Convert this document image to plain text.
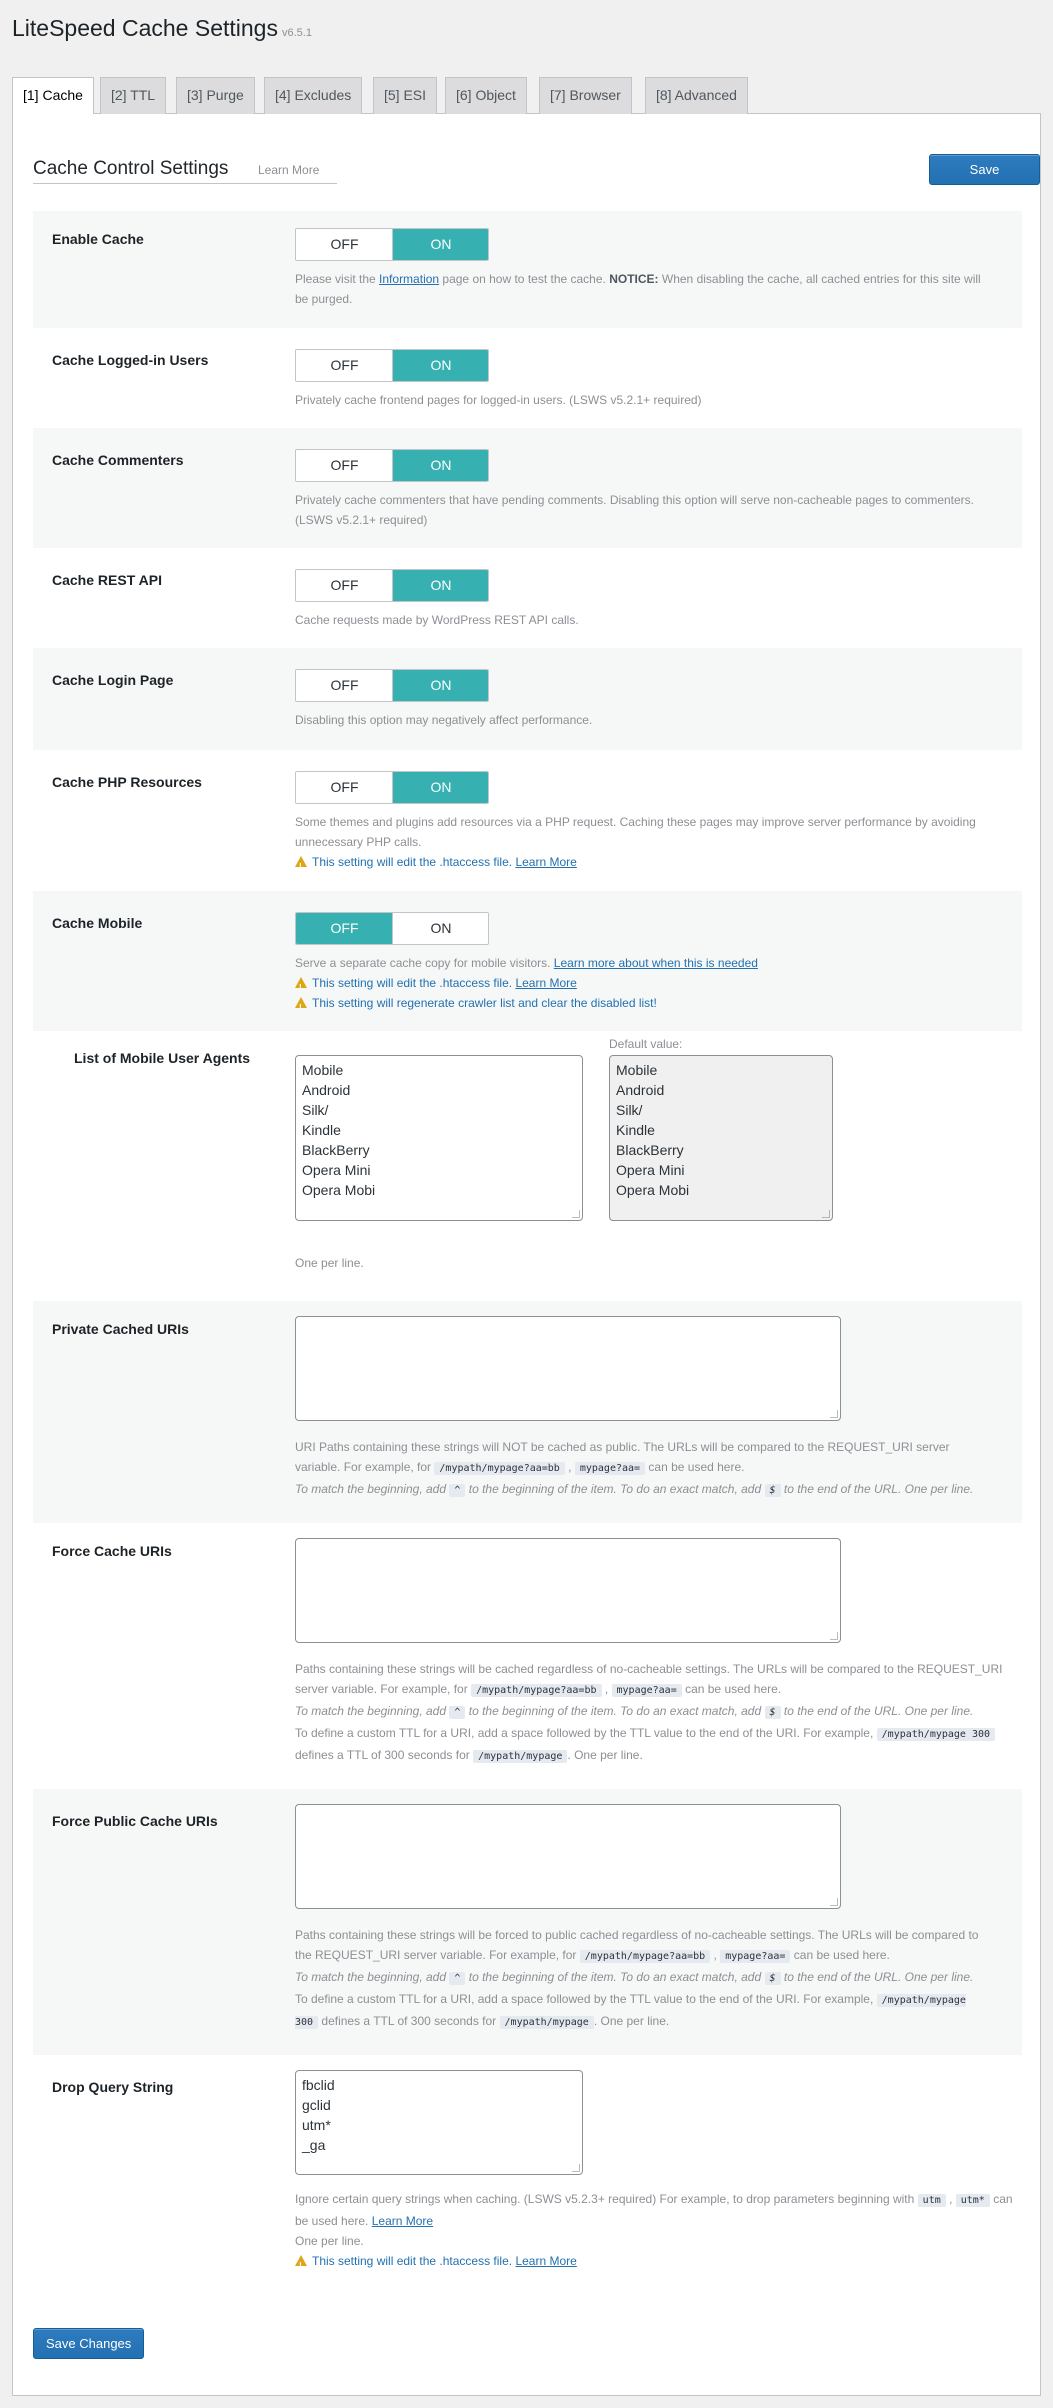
LiteSpeed Cache Settings v6.5.1
[1] Cache	[2] TTL	[3] Purge	[4] Excludes	[5] ESI	[6] Object	[7] Browser	[8] Advanced
Cache Control Settings Learn More	Save Changes
Enable Cache	OFF	ON
Please visit the Information page on how to test the cache. NOTICE: When disabling the cache, all cached entries for this site will be purged.
Cache Logged-in Users	OFF	ON
Privately cache frontend pages for logged-in users. (LSWS v5.2.1+ required)
Cache Commenters	OFF	ON
Privately cache commenters that have pending comments. Disabling this option will serve non-cacheable pages to commenters. (LSWS v5.2.1+ required)
Cache REST API	OFF	ON
Cache requests made by WordPress REST API calls.
Cache Login Page	OFF	ON
Disabling this option may negatively affect performance.
Cache PHP Resources	OFF	ON
Some themes and plugins add resources via a PHP request. Caching these pages may improve server performance by avoiding unnecessary PHP calls.
!This setting will edit the .htaccess file. Learn More
Cache Mobile	OFF	ON
Serve a separate cache copy for mobile visitors. Learn more about when this is needed
!This setting will edit the .htaccess file. Learn More
!This setting will regenerate crawler list and clear the disabled list!
List of Mobile User Agents
Mobile
Android
Silk/
Kindle
BlackBerry
Opera Mini
Opera Mobi
Default value:
Mobile
Android
Silk/
Kindle
BlackBerry
Opera Mini
Opera Mobi
One per line.
Private Cached URIs
URI Paths containing these strings will NOT be cached as public. The URLs will be compared to the REQUEST_URI server variable. For example, for /mypath/mypage?aa=bb , mypage?aa= can be used here.
To match the beginning, add ^ to the beginning of the item. To do an exact match, add $ to the end of the URL. One per line.
Force Cache URIs
Paths containing these strings will be cached regardless of no-cacheable settings. The URLs will be compared to the REQUEST_URI server variable. For example, for /mypath/mypage?aa=bb , mypage?aa= can be used here.
To match the beginning, add ^ to the beginning of the item. To do an exact match, add $ to the end of the URL. One per line.
To define a custom TTL for a URI, add a space followed by the TTL value to the end of the URI. For example, /mypath/mypage 300 defines a TTL of 300 seconds for /mypath/mypage . One per line.
Force Public Cache URIs
Paths containing these strings will be forced to public cached regardless of no-cacheable settings. The URLs will be compared to the REQUEST_URI server variable. For example, for /mypath/mypage?aa=bb , mypage?aa= can be used here.
To match the beginning, add ^ to the beginning of the item. To do an exact match, add $ to the end of the URL. One per line.
To define a custom TTL for a URI, add a space followed by the TTL value to the end of the URI. For example, /mypath/mypage 300 defines a TTL of 300 seconds for /mypath/mypage . One per line.
Drop Query String	fbclid
gclid
utm*
_ga
Ignore certain query strings when caching. (LSWS v5.2.3+ required) For example, to drop parameters beginning with utm , utm* can be used here. Learn More
One per line.
!This setting will edit the .htaccess file. Learn More
Save Changes
